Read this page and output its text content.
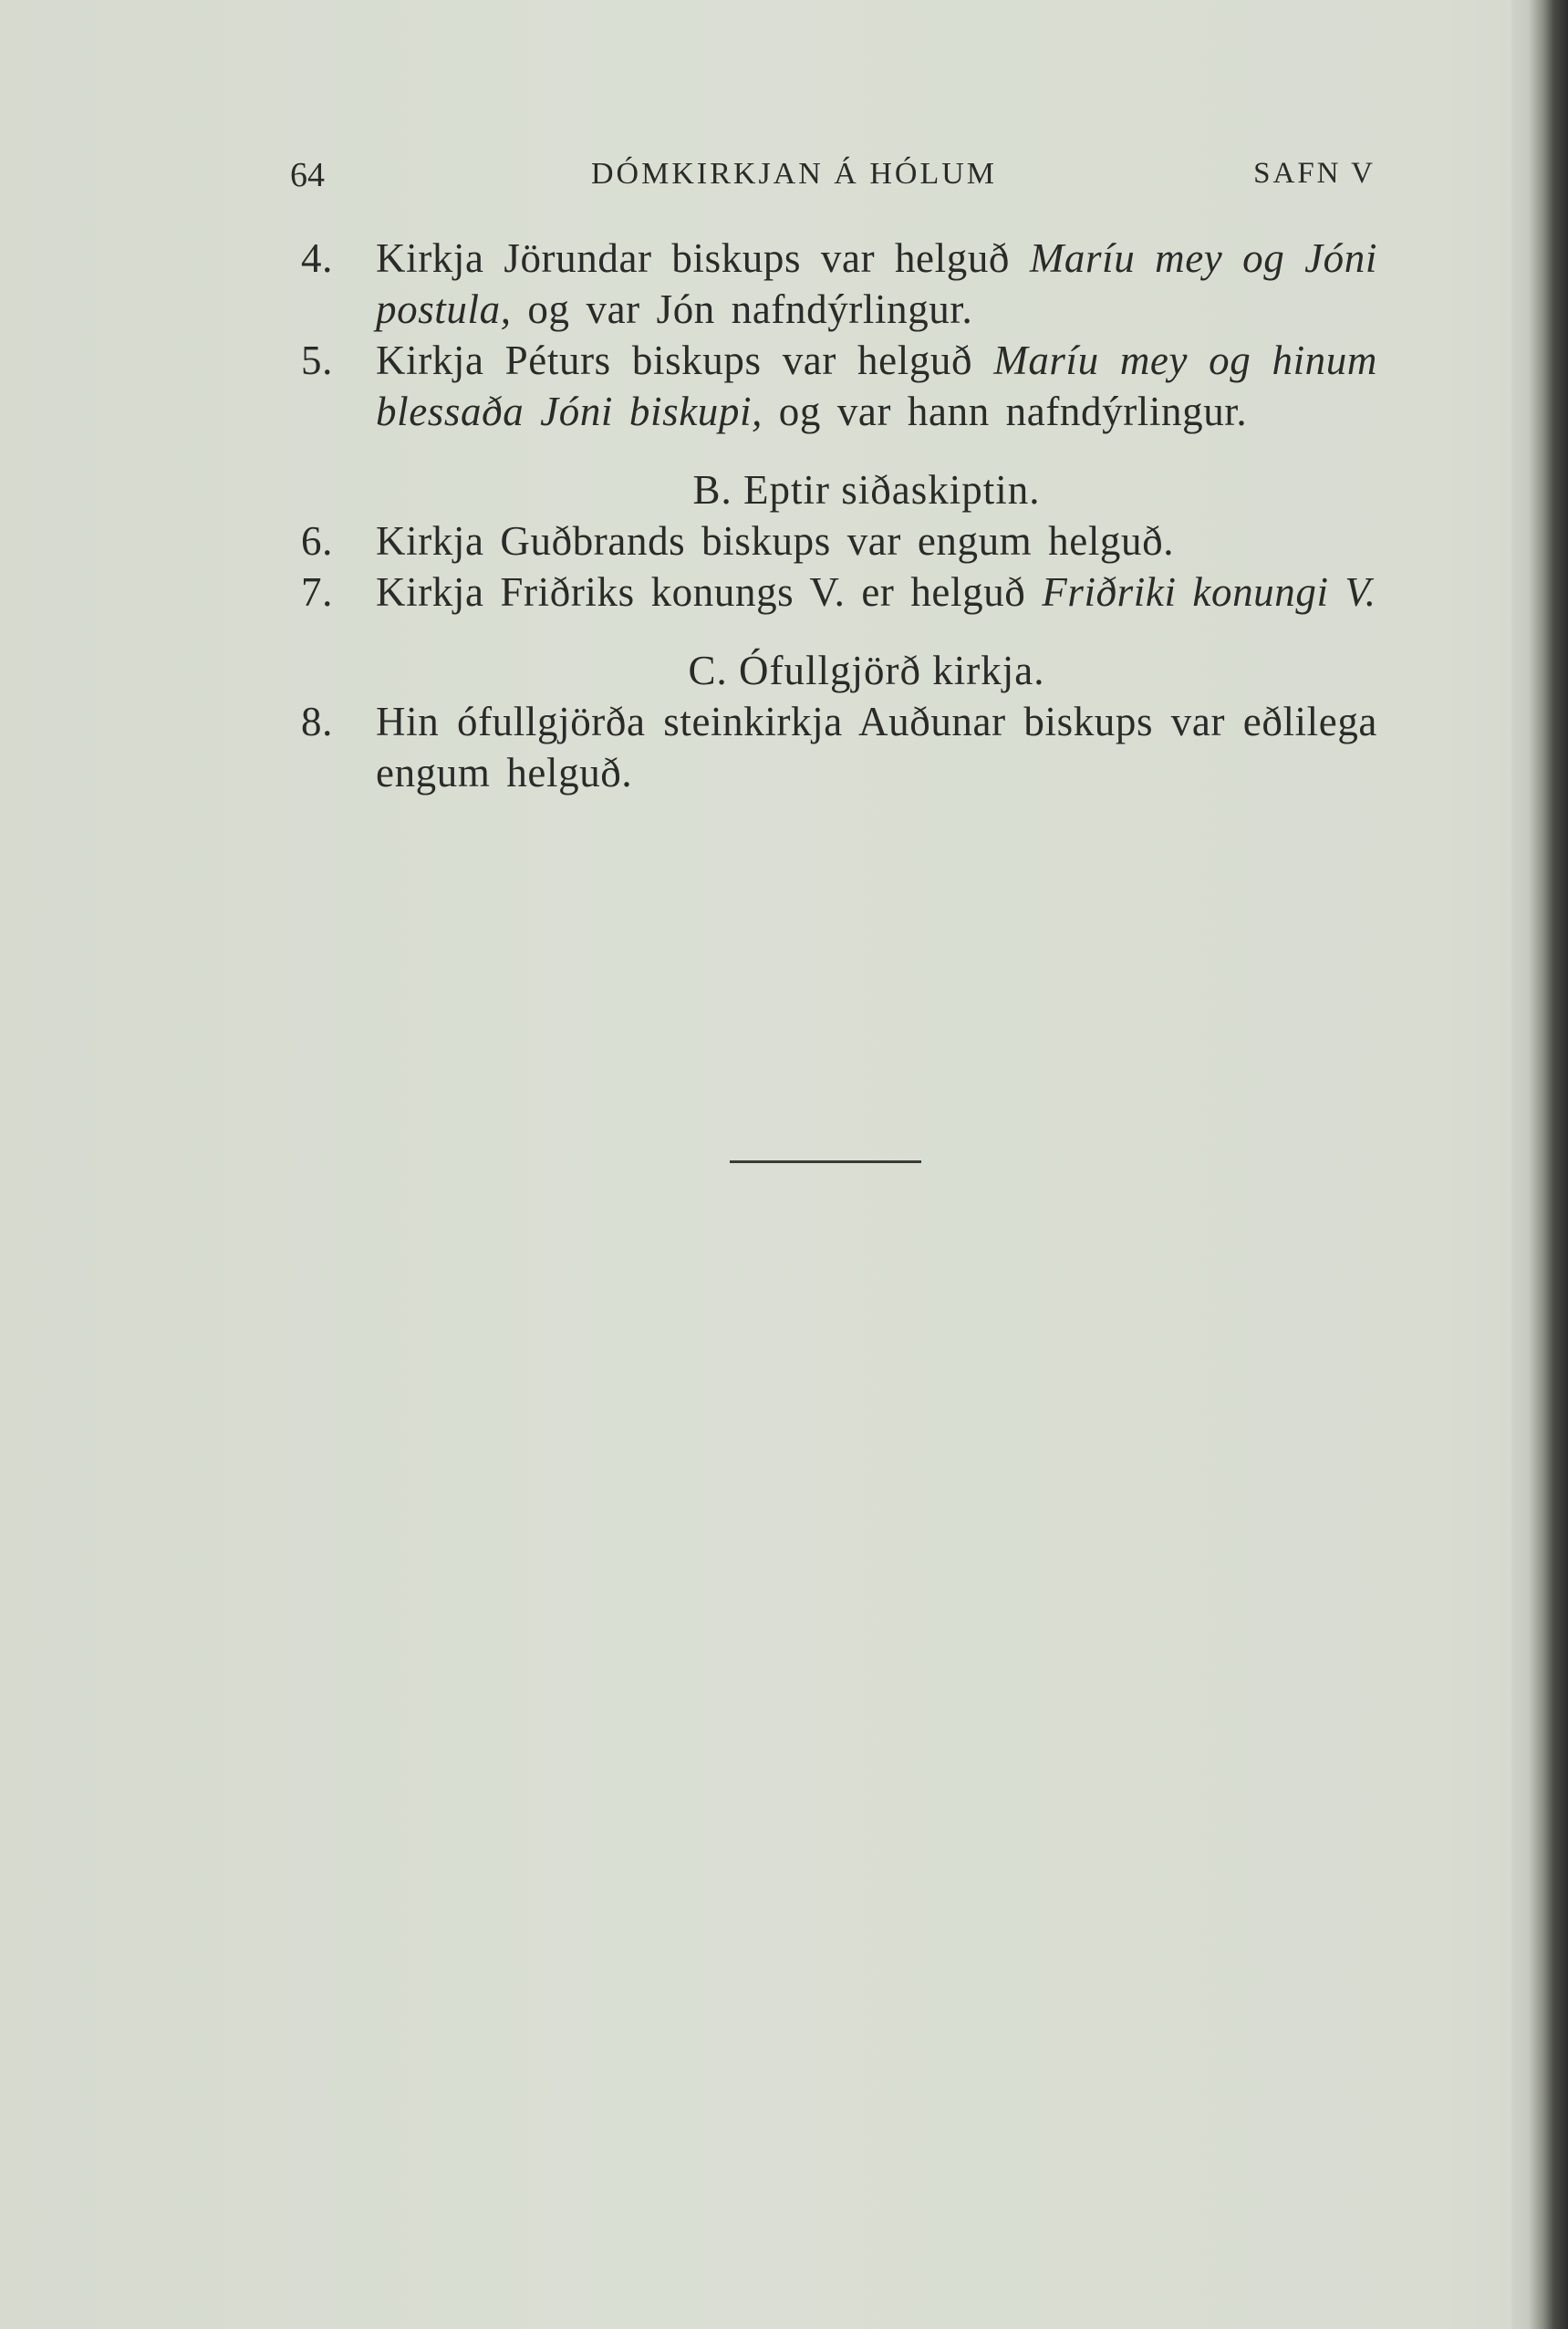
64	DÓMKIRKJAN Á HÓLUM	SAFN V
4. Kirkja Jörundar biskups var helguð Maríu mey og Jóni postula, og var Jón nafndýrlingur.
5. Kirkja Péturs biskups var helguð Maríu mey og hinum blessaða Jóni biskupi, og var hann nafndýrlingur.
B. Eptir siðaskiptin.
6. Kirkja Guðbrands biskups var engum helguð.
7. Kirkja Friðriks konungs V. er helguð Friðriki konungi V.
C. Ófullgjörð kirkja.
8. Hin ófullgjörða steinkirkja Auðunar biskups var eðlilega engum helguð.
